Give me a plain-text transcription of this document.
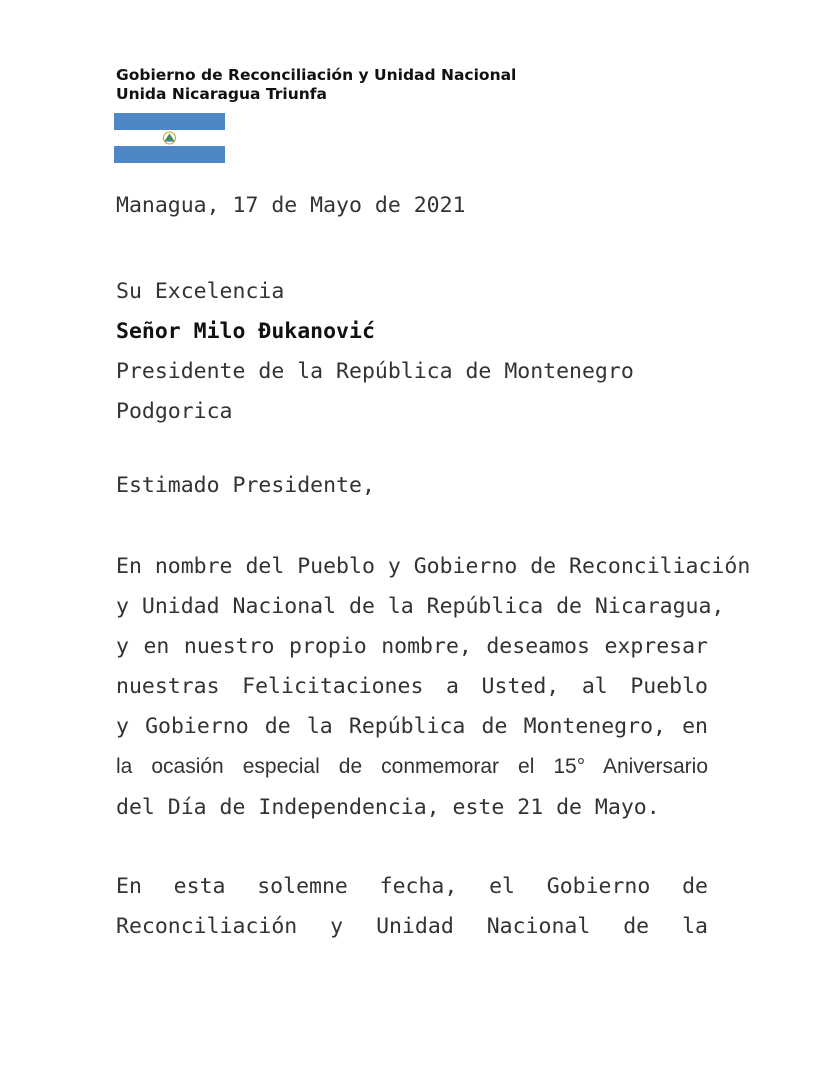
Gobierno de Reconciliación y Unidad Nacional
Unida Nicaragua Triunfa
Managua, 17 de Mayo de 2021
Su Excelencia
Señor Milo Đukanović
Presidente de la República de Montenegro
Podgorica
Estimado Presidente,
En nombre del Pueblo y Gobierno de Reconciliación
y Unidad Nacional de la República de Nicaragua,
y en nuestro propio nombre, deseamos expresar
nuestras Felicitaciones a Usted, al Pueblo
y Gobierno de la República de Montenegro, en
la ocasión especial de conmemorar el 15° Aniversario
del Día de Independencia, este 21 de Mayo.
En esta solemne fecha, el Gobierno de
Reconciliación y Unidad Nacional de la
